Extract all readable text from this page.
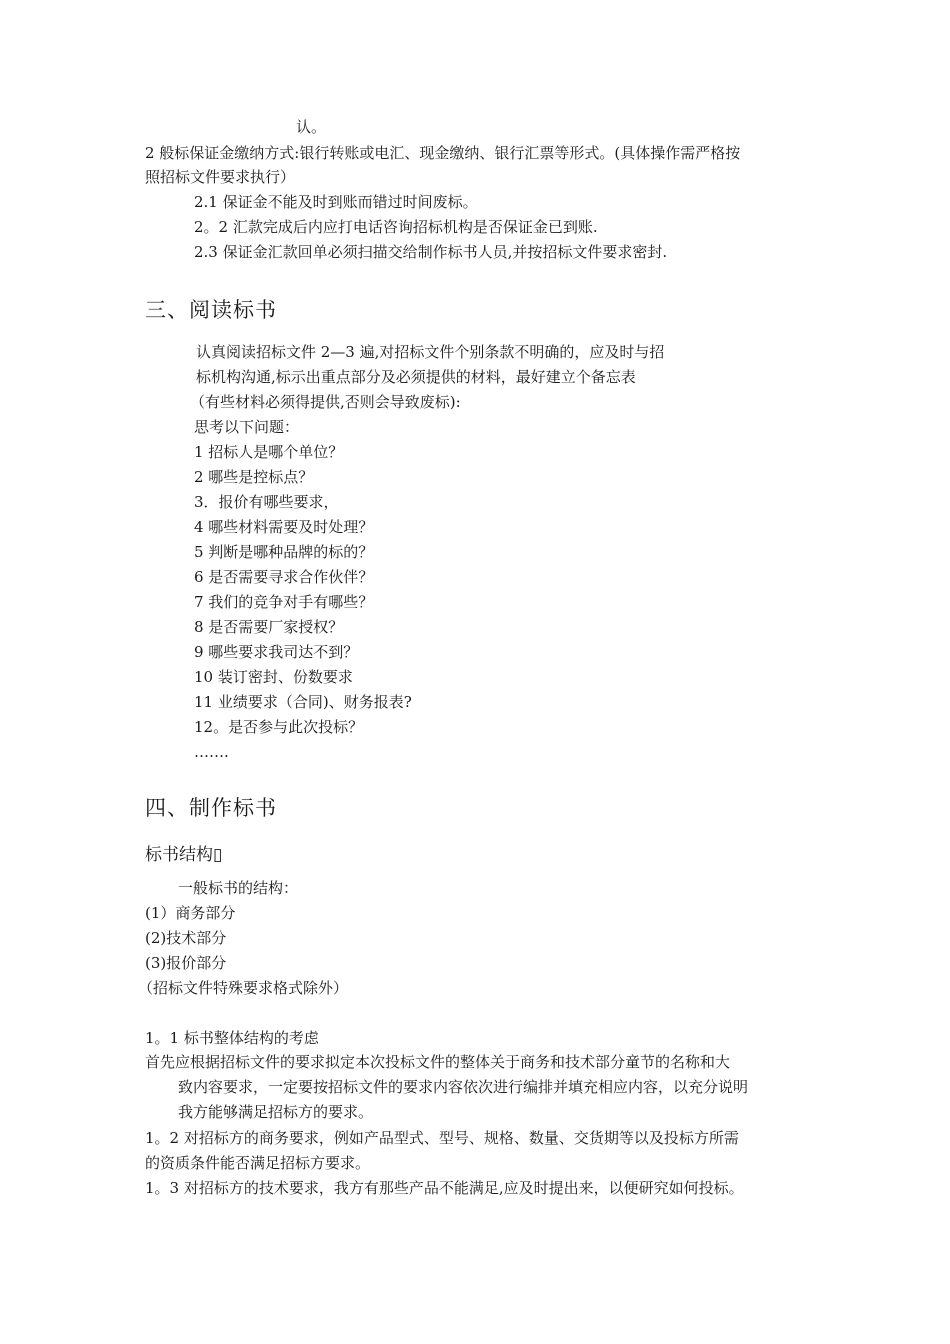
认。
2 般标保证金缴纳方式:银行转账或电汇、现金缴纳、银行汇票等形式。(具体操作需严格按
照招标文件要求执行）
2.1 保证金不能及时到账而错过时间废标。
2。2 汇款完成后内应打电话咨询招标机构是否保证金已到账.
2.3 保证金汇款回单必须扫描交给制作标书人员,并按招标文件要求密封.
三、阅读标书
认真阅读招标文件 2—3 遍,对招标文件个别条款不明确的，应及时与招
标机构沟通,标示出重点部分及必须提供的材料，最好建立个备忘表
（有些材料必须得提供,否则会导致废标):
思考以下问题：
1 招标人是哪个单位？
2 哪些是控标点？
3．报价有哪些要求，
4 哪些材料需要及时处理？
5 判断是哪种品牌的标的？
6 是否需要寻求合作伙伴？
7 我们的竞争对手有哪些？
8 是否需要厂家授权？
9 哪些要求我司达不到？
10 装订密封、份数要求
11 业绩要求（合同)、财务报表?
12。是否参与此次投标？
…….
四、制作标书
标书结构▯
一般标书的结构：
(1）商务部分
(2)技术部分
(3)报价部分
（招标文件特殊要求格式除外）
1。1 标书整体结构的考虑
首先应根据招标文件的要求拟定本次投标文件的整体关于商务和技术部分童节的名称和大
致内容要求，一定要按招标文件的要求内容依次进行编排并填充相应内容，以充分说明
我方能够满足招标方的要求。
1。2 对招标方的商务要求，例如产品型式、型号、规格、数量、交货期等以及投标方所需
的资质条件能否满足招标方要求。
1。3 对招标方的技术要求，我方有那些产品不能满足,应及时提出来，以便研究如何投标。
